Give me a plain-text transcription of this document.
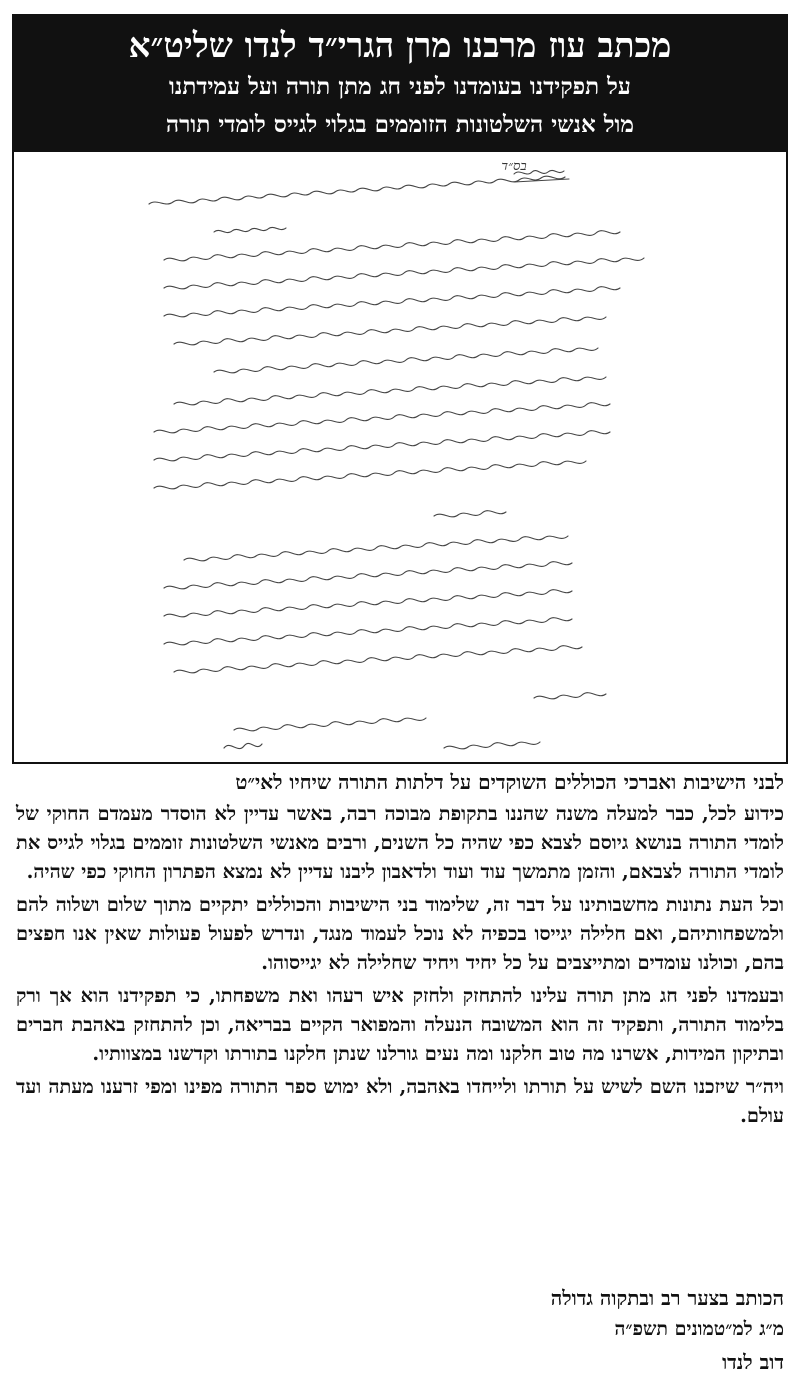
מכתב עוז מרבנו מרן הגרי״ד לנדו שליט״א
על תפקידנו בעומדנו לפני חג מתן תורה ועל עמידתנו
מול אנשי השלטונות הזוממים בגלוי לגייס לומדי תורה
בס״ד
לבני הישיבות ואברכי הכוללים השוקדים על דלתות התורה שיחיו לאי״ט

כידוע לכל, כבר למעלה משנה שהננו בתקופת מבוכה רבה, באשר עדיין לא הוסדר מעמדם החוקי של לומדי התורה בנושא גיוסם לצבא כפי שהיה כל השנים, ורבים מאנשי השלטונות זוממים בגלוי לגייס את לומדי התורה לצבאם, והזמן מתמשך עוד ועוד ולדאבון ליבנו עדיין לא נמצא הפתרון החוקי כפי שהיה.

וכל העת נתונות מחשבותינו על דבר זה, שלימוד בני הישיבות והכוללים יתקיים מתוך שלום ושלוה להם ולמשפחותיהם, ואם חלילה יגייסו בכפיה לא נוכל לעמוד מנגד, ונדרש לפעול פעולות שאין אנו חפצים בהם, וכולנו עומדים ומתייצבים על כל יחיד ויחיד שחלילה לא יגייסוהו.

ובעמדנו לפני חג מתן תורה עלינו להתחזק ולחזק איש רעהו ואת משפחתו, כי תפקידנו הוא אך ורק בלימוד התורה, ותפקיד זה הוא המשובח הנעלה והמפואר הקיים בבריאה, וכן להתחזק באהבת חברים ובתיקון המידות, אשרנו מה טוב חלקנו ומה נעים גורלנו שנתן חלקנו בתורתו וקדשנו במצוותיו.

ויה״ר שיזכנו השם לשיש על תורתו ולייחדו באהבה, ולא ימוש ספר התורה מפינו ומפי זרענו מעתה ועד עולם.

הכותב בצער רב ובתקוה גדולה
מ״ג למ״טמונים תשפ״ה
דוב לנדו
